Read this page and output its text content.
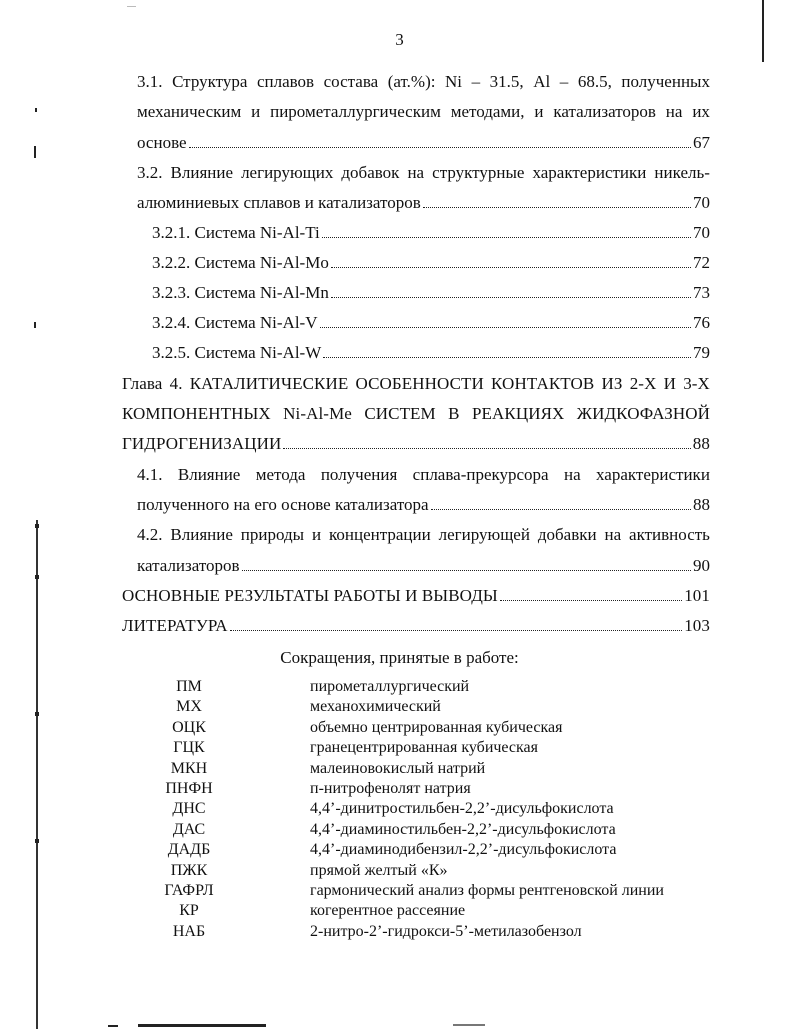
3
3.1. Структура сплавов состава (ат.%): Ni – 31.5, Al – 68.5, полученных
механическим и пирометаллургическим методами, и катализаторов на их
основе	67
3.2. Влияние легирующих добавок на структурные характеристики никель-
алюминиевых сплавов и катализаторов	70
3.2.1. Система Ni-Al-Ti	70
3.2.2. Система Ni-Al-Mo	72
3.2.3. Система Ni-Al-Mn	73
3.2.4. Система Ni-Al-V	76
3.2.5. Система Ni-Al-W	79
Глава 4. КАТАЛИТИЧЕСКИЕ ОСОБЕННОСТИ КОНТАКТОВ ИЗ 2-Х И 3-Х
КОМПОНЕНТНЫХ Ni-Al-Me СИСТЕМ В РЕАКЦИЯХ ЖИДКОФАЗНОЙ
ГИДРОГЕНИЗАЦИИ	88
4.1. Влияние метода получения сплава-прекурсора на характеристики
полученного на его основе катализатора	88
4.2. Влияние природы и концентрации легирующей добавки на активность
катализаторов	90
ОСНОВНЫЕ РЕЗУЛЬТАТЫ РАБОТЫ И ВЫВОДЫ	101
ЛИТЕРАТУРА	103
Сокращения, принятые в работе:
ПМ	пирометаллургический
МХ	механохимический
ОЦК	объемно центрированная кубическая
ГЦК	гранецентрированная кубическая
МКН	малеиновокислый натрий
ПНФН	п-нитрофенолят натрия
ДНС	4,4’-динитростильбен-2,2’-дисульфокислота
ДАС	4,4’-диаминостильбен-2,2’-дисульфокислота
ДАДБ	4,4’-диаминодибензил-2,2’-дисульфокислота
ПЖК	прямой желтый «К»
ГАФРЛ	гармонический анализ формы рентгеновской линии
КР	когерентное рассеяние
НАБ	2-нитро-2’-гидрокси-5’-метилазобензол
